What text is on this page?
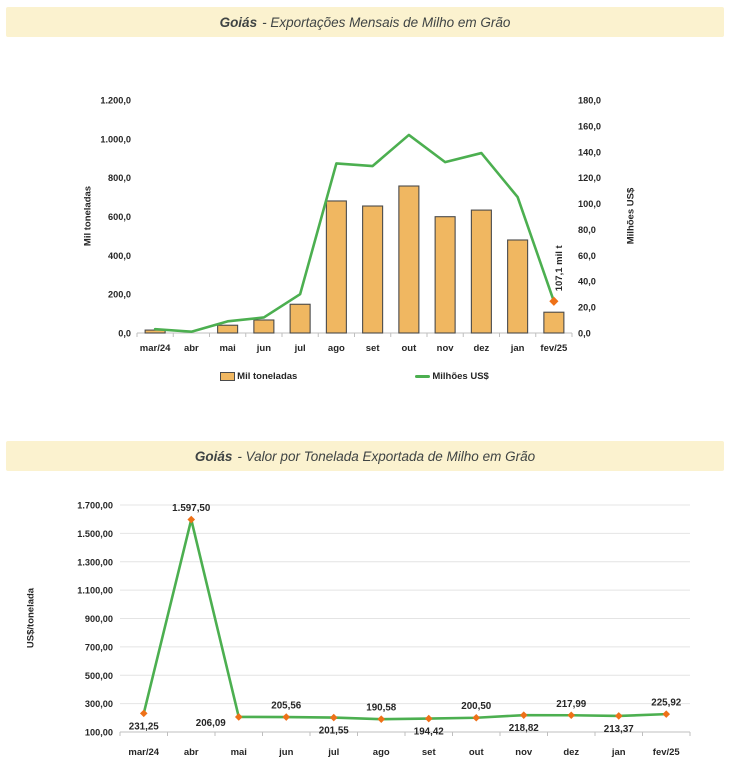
Goiás - Exportações Mensais de Milho em Grão
0,0
200,0
400,0
600,0
800,0
1.000,0
1.200,0
0,0
20,0
40,0
60,0
80,0
100,0
120,0
140,0
160,0
180,0
mar/24 abr mai jun jul ago set out nov dez jan fev/25
107,1 mil t
Mil toneladas	Milhões US$
Mil toneladas	Milhões US$
Goiás - Valor por Tonelada Exportada de Milho em Grão
100,00
300,00
500,00
700,00
900,00
1.100,00
1.300,00
1.500,00
1.700,00
mar/24	abr	mai	jun	jul	ago	set	out	nov	dez	jan	fev/25
231,25
1.597,50
206,09
205,56
201,55
190,58
194,42
200,50
218,82
217,99
213,37
225,92
US$/tonelada
